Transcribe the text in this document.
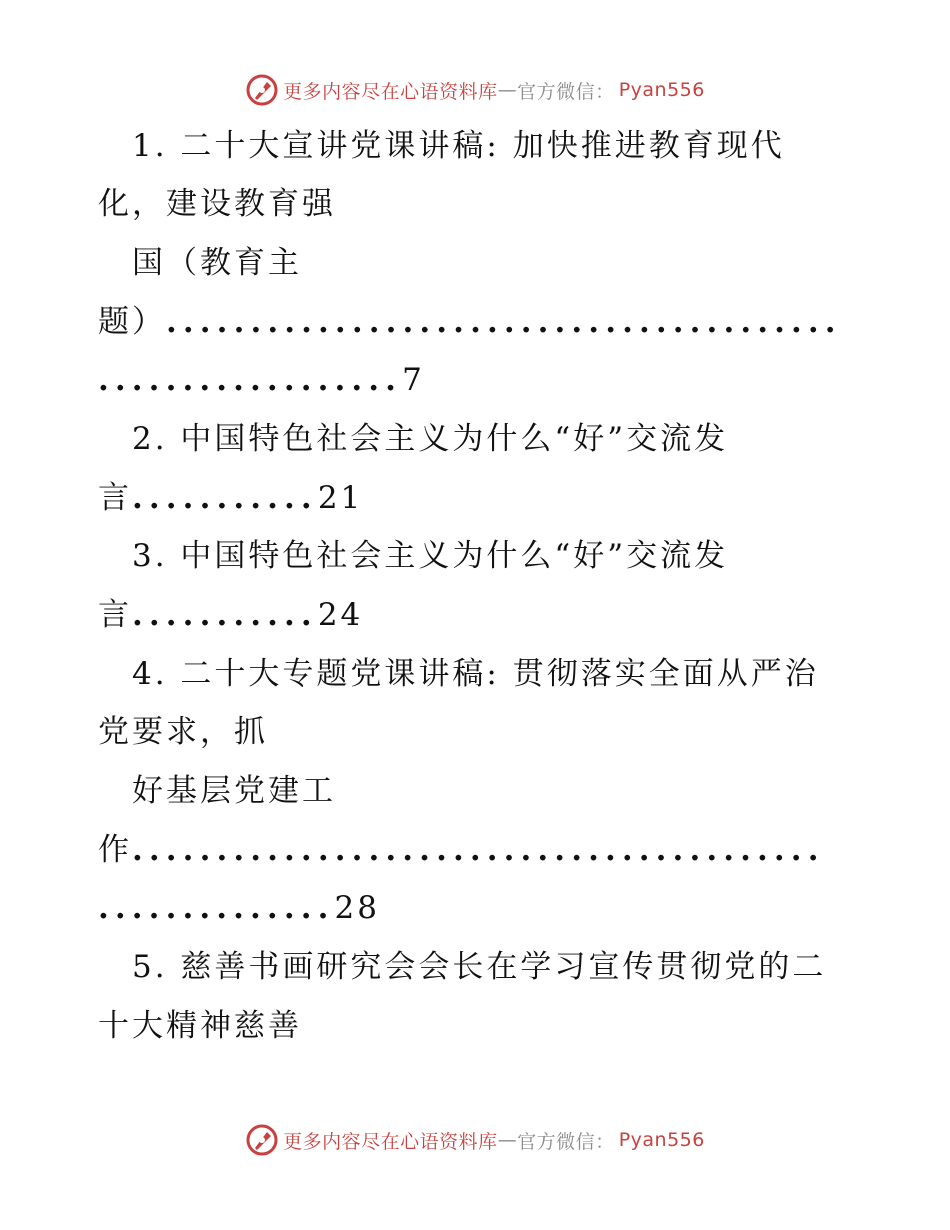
更多内容尽在心语资料库 — 官方微信： Pyan556
1. 二十大宣讲党课讲稿: 加快推进教育现代
化，建设教育强
国（教育主
题）........................................
..................7
2. 中国特色社会主义为什么“好”交流发
言...........21
3. 中国特色社会主义为什么“好”交流发
言...........24
4. 二十大专题党课讲稿: 贯彻落实全面从严治
党要求，抓
好基层党建工
作.........................................
..............28
5. 慈善书画研究会会长在学习宣传贯彻党的二
十大精神慈善
更多内容尽在心语资料库 — 官方微信： Pyan556
